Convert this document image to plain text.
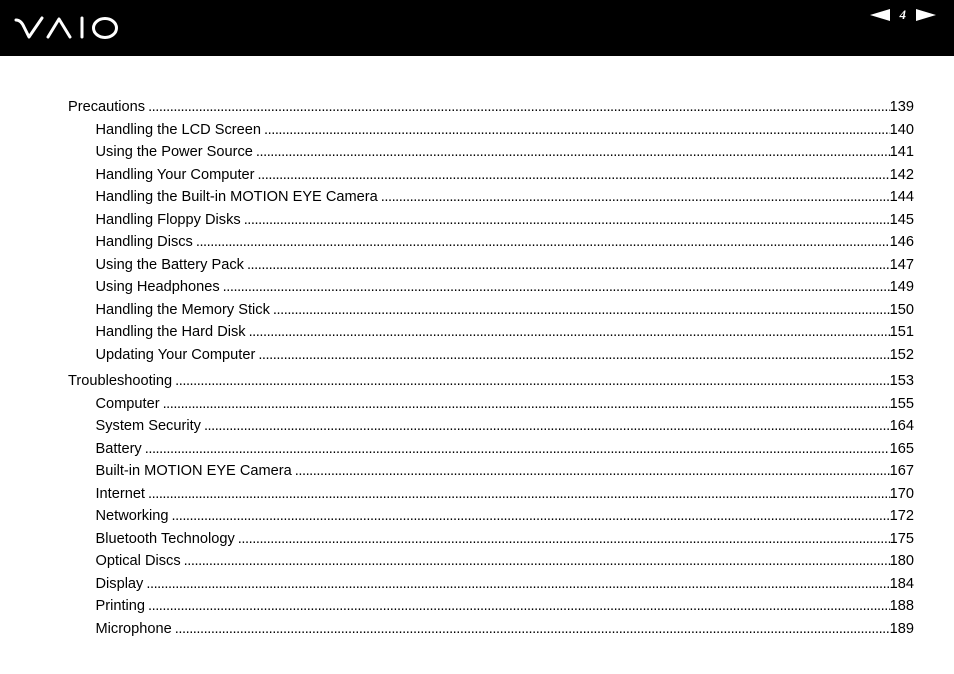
4
Precautions . . .	139
Handling the LCD Screen . . .	140
Using the Power Source . . .	141
Handling Your Computer . . .	142
Handling the Built-in MOTION EYE Camera . . .	144
Handling Floppy Disks . . .	145
Handling Discs . . .	146
Using the Battery Pack . . .	147
Using Headphones . . .	149
Handling the Memory Stick . . .	150
Handling the Hard Disk . . .	151
Updating Your Computer . . .	152
Troubleshooting . . .	153
Computer . . .	155
System Security . . .	164
Battery . . .	165
Built-in MOTION EYE Camera . . .	167
Internet . . .	170
Networking . . .	172
Bluetooth Technology . . .	175
Optical Discs . . .	180
Display . . .	184
Printing . . .	188
Microphone . . .	189
